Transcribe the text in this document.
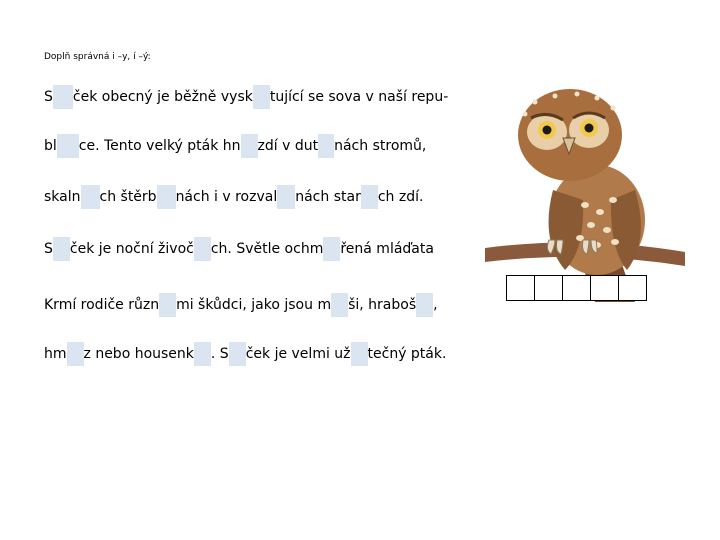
Doplň správná i –y, í –ý:
S ček obecný je běžně vysk tující se sova v naší repu-
bl ce. Tento velký pták hn zdí v dut nách stromů,
skaln ch štěrb nách i v rozval nách star ch zdí.
S ček je noční živoč ch. Světle ochm řená mláďata
Krmí rodiče různ mi škůdci, jako jsou m ši, hraboš ,
hm z nebo housenk . S ček je velmi už tečný pták.
